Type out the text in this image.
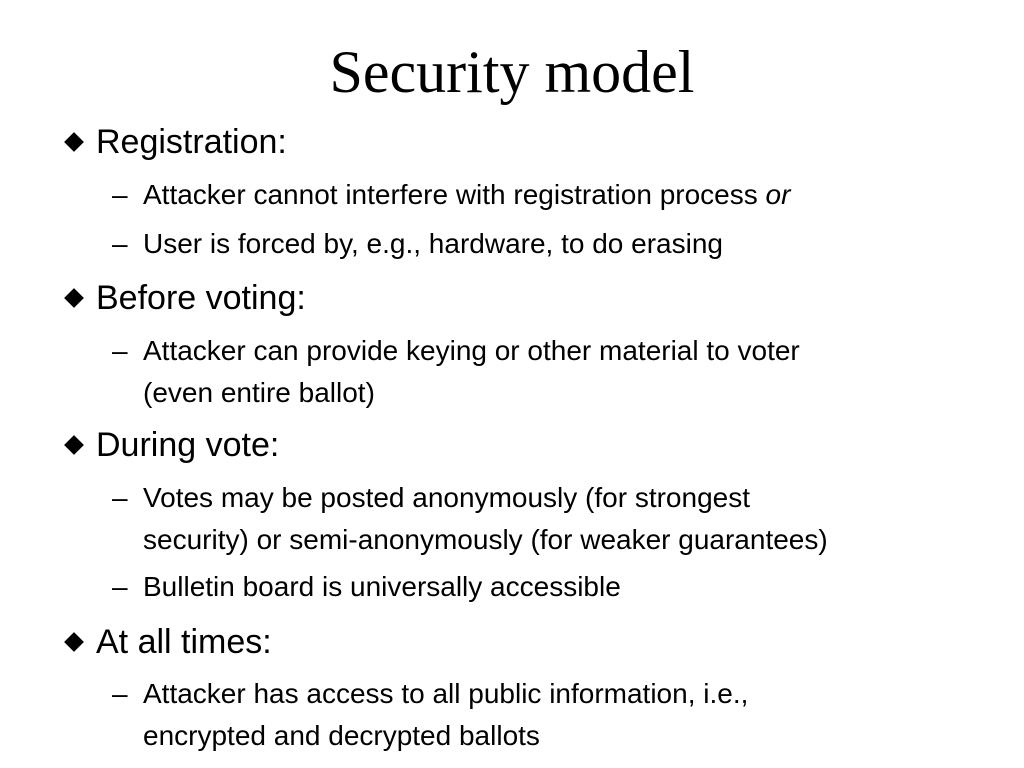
Security model
Registration:
– Attacker cannot interfere with registration process or
– User is forced by, e.g., hardware, to do erasing
Before voting:
– Attacker can provide keying or other material to voter
(even entire ballot)
During vote:
– Votes may be posted anonymously (for strongest
security) or semi-anonymously (for weaker guarantees)
– Bulletin board is universally accessible
At all times:
– Attacker has access to all public information, i.e.,
encrypted and decrypted ballots
